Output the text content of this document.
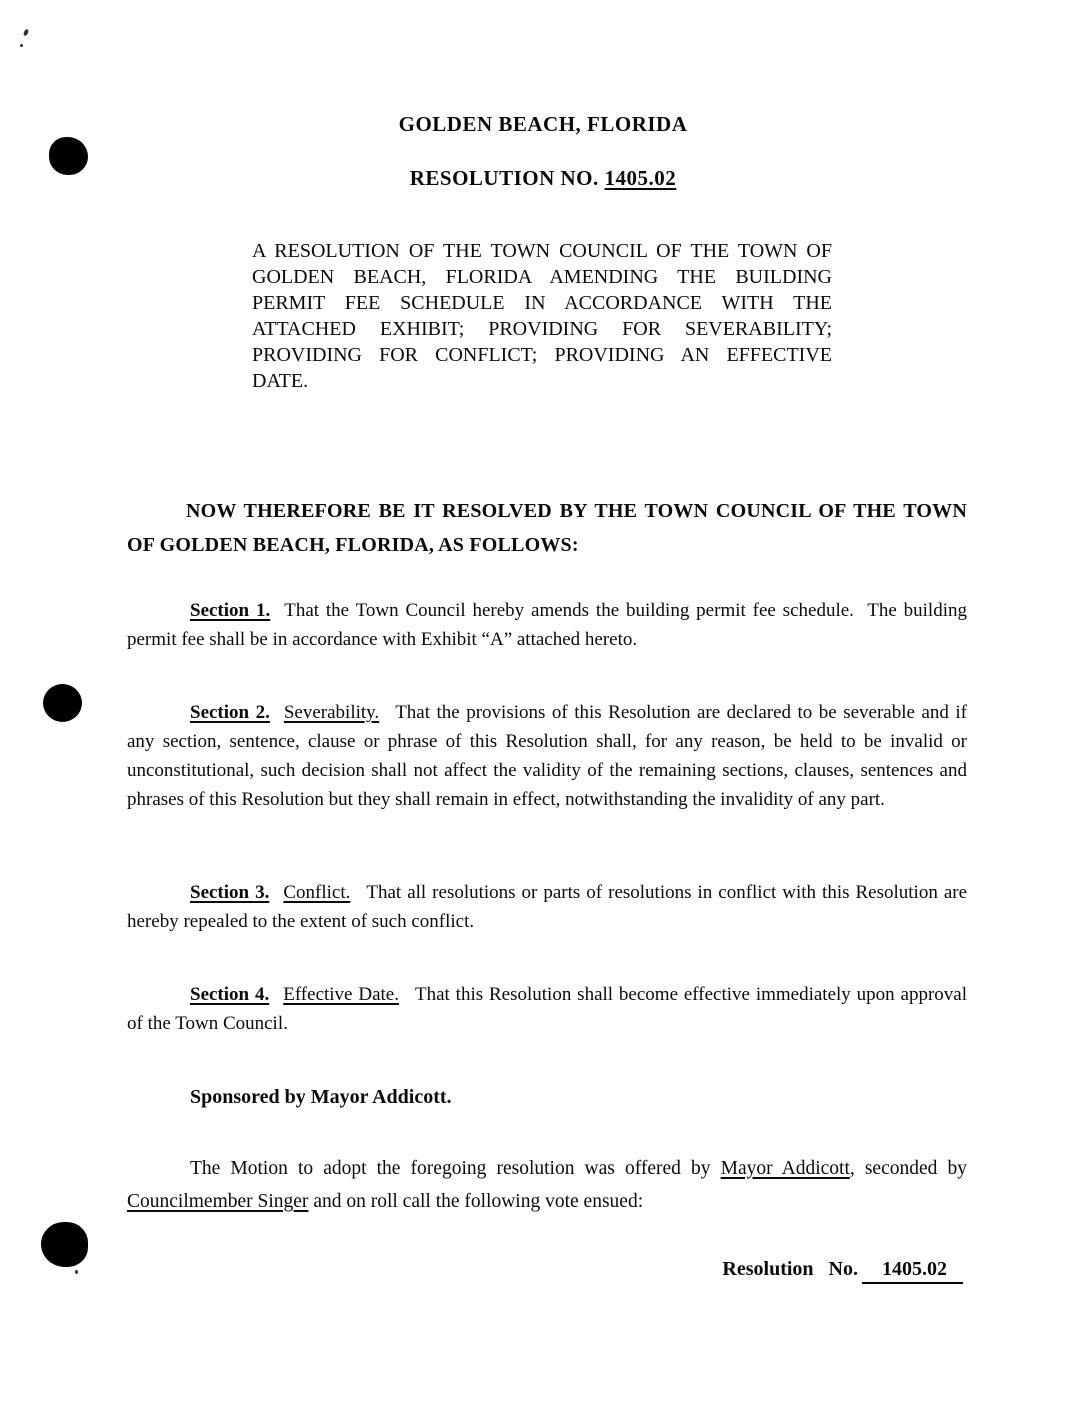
GOLDEN BEACH, FLORIDA
RESOLUTION NO. 1405.02
A RESOLUTION OF THE TOWN COUNCIL OF THE TOWN OF GOLDEN BEACH, FLORIDA AMENDING THE BUILDING PERMIT FEE SCHEDULE IN ACCORDANCE WITH THE ATTACHED EXHIBIT; PROVIDING FOR SEVERABILITY; PROVIDING FOR CONFLICT; PROVIDING AN EFFECTIVE DATE.
NOW THEREFORE BE IT RESOLVED BY THE TOWN COUNCIL OF THE TOWN OF GOLDEN BEACH, FLORIDA, AS FOLLOWS:
Section 1. That the Town Council hereby amends the building permit fee schedule.  The building permit fee shall be in accordance with Exhibit “A” attached hereto.
Section 2. Severability. That the provisions of this Resolution are declared to be severable and if any section, sentence, clause or phrase of this Resolution shall, for any reason, be held to be invalid or unconstitutional, such decision shall not affect the validity of the remaining sections, clauses, sentences and phrases of this Resolution but they shall remain in effect, notwithstanding the invalidity of any part.
Section 3. Conflict. That all resolutions or parts of resolutions in conflict with this Resolution are hereby repealed to the extent of such conflict.
Section 4. Effective Date. That this Resolution shall become effective immediately upon approval of the Town Council.
Sponsored by Mayor Addicott.
The Motion to adopt the foregoing resolution was offered by Mayor Addicott, seconded by Councilmember Singer and on roll call the following vote ensued:
Resolution   No. 1405.02
